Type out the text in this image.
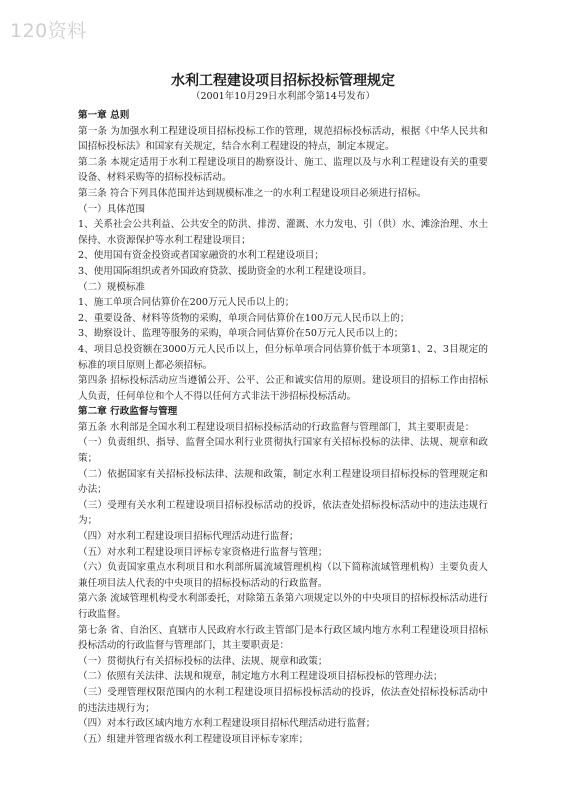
120资料
水利工程建设项目招标投标管理规定

（2001年10月29日水利部令第14号发布）

第一章 总则

第一条 为加强水利工程建设项目招标投标工作的管理，规范招标投标活动，根据《中华人民共和国招标投标法》和国家有关规定，结合水利工程建设的特点，制定本规定。

第二条 本规定适用于水利工程建设项目的勘察设计、施工、监理以及与水利工程建设有关的重要设备、材料采购等的招标投标活动。

第三条 符合下列具体范围并达到规模标准之一的水利工程建设项目必须进行招标。

（一）具体范围

1、关系社会公共利益、公共安全的防洪、排涝、灌溉、水力发电、引（供）水、滩涂治理、水土保持、水资源保护等水利工程建设项目；

2、使用国有资金投资或者国家融资的水利工程建设项目；

3、使用国际组织或者外国政府贷款、援助资金的水利工程建设项目。

（二）规模标准

1、施工单项合同估算价在200万元人民币以上的；

2、重要设备、材料等货物的采购，单项合同估算价在100万元人民币以上的；

3、勘察设计、监理等服务的采购，单项合同估算价在50万元人民币以上的；

4、项目总投资额在3000万元人民币以上，但分标单项合同估算价低于本项第1、2、3目规定的标准的项目原则上都必须招标。

第四条 招标投标活动应当遵循公开、公平、公正和诚实信用的原则。建设项目的招标工作由招标人负责，任何单位和个人不得以任何方式非法干涉招标投标活动。

第二章 行政监督与管理

第五条 水利部是全国水利工程建设项目招标投标活动的行政监督与管理部门，其主要职责是：

（一）负责组织、指导、监督全国水利行业贯彻执行国家有关招标投标的法律、法规、规章和政策；

（二）依据国家有关招标投标法律、法规和政策，制定水利工程建设项目招标投标的管理规定和办法；

（三）受理有关水利工程建设项目招标投标活动的投诉，依法查处招标投标活动中的违法违规行为；

（四）对水利工程建设项目招标代理活动进行监督；

（五）对水利工程建设项目评标专家资格进行监督与管理；

（六）负责国家重点水利项目和水利部所属流域管理机构（以下简称流域管理机构）主要负责人兼任项目法人代表的中央项目的招标投标活动的行政监督。

第六条 流域管理机构受水利部委托，对除第五条第六项规定以外的中央项目的招标投标活动进行行政监督。

第七条 省、自治区、直辖市人民政府水行政主管部门是本行政区域内地方水利工程建设项目招标投标活动的行政监督与管理部门，其主要职责是：

（一）贯彻执行有关招标投标的法律、法规、规章和政策；

（二）依照有关法律、法规和规章，制定地方水利工程建设项目招标投标的管理办法；

（三）受理管理权限范围内的水利工程建设项目招标投标活动的投诉，依法查处招标投标活动中的违法违规行为；

（四）对本行政区域内地方水利工程建设项目招标代理活动进行监督；

（五）组建并管理省级水利工程建设项目评标专家库；
